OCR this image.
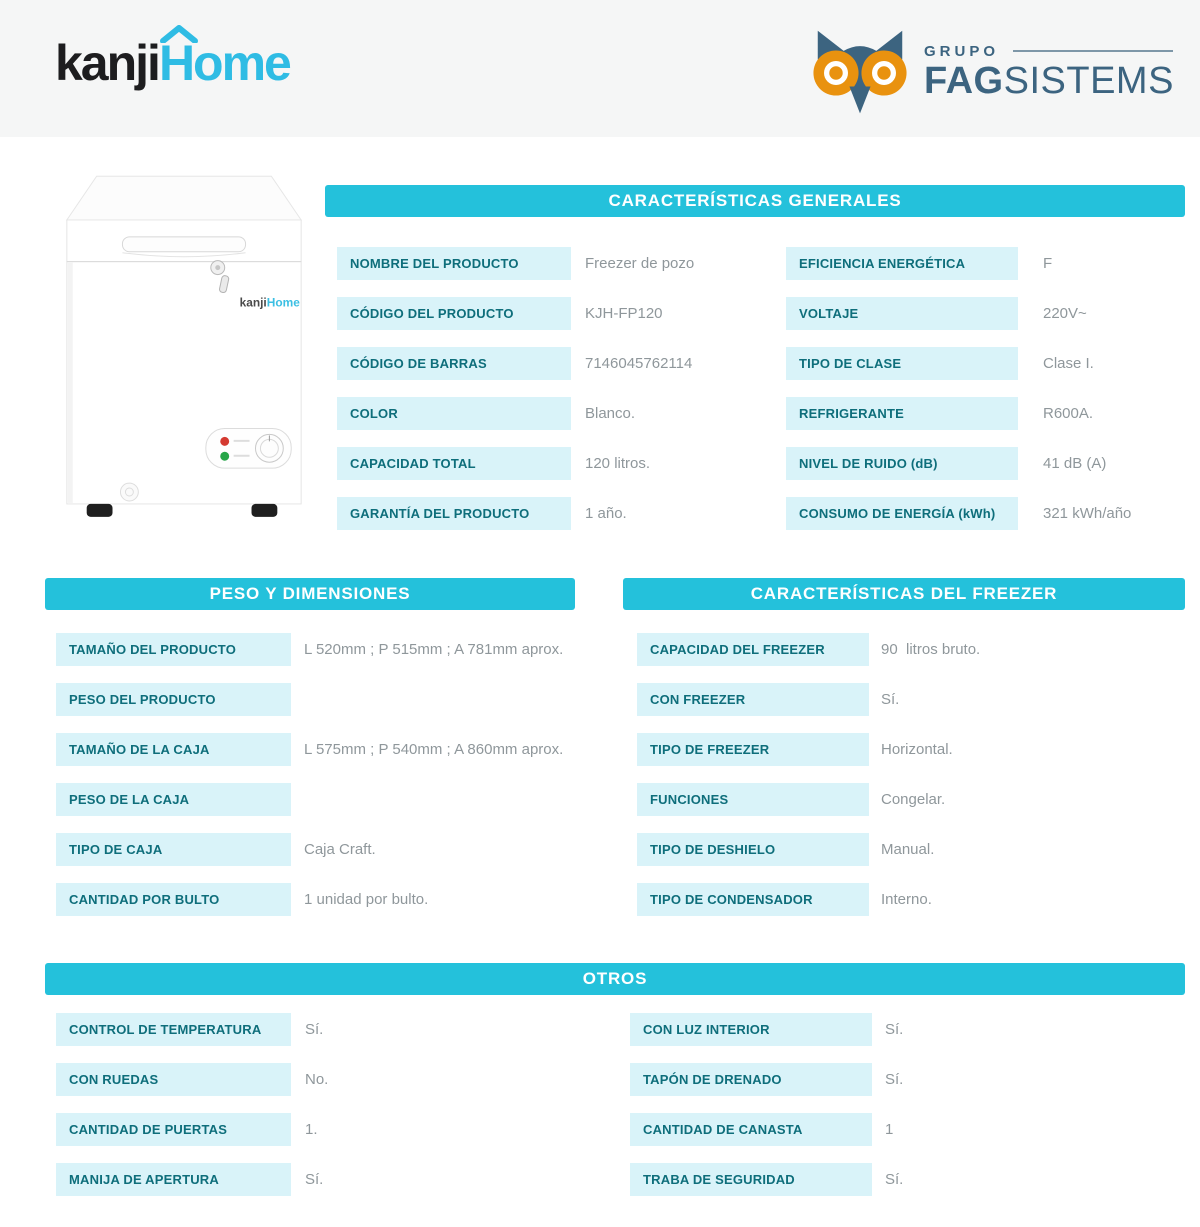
kanji
Home	GRUPO
FAGSISTEMS
kanjiHome
CARACTERÍSTICAS GENERALES
NOMBRE DEL PRODUCTO	Freezer de pozo	EFICIENCIA ENERGÉTICA	F
CÓDIGO DEL PRODUCTO	KJH-FP120	VOLTAJE	220V~
CÓDIGO DE BARRAS	7146045762114	TIPO DE CLASE	Clase I.
COLOR	Blanco.	REFRIGERANTE	R600A.
CAPACIDAD TOTAL	120 litros.	NIVEL DE RUIDO (dB)	41 dB (A)
GARANTÍA DEL PRODUCTO	1 año.	CONSUMO DE ENERGÍA (kWh)	321 kWh/año
PESO Y DIMENSIONES
TAMAÑO DEL PRODUCTO	L 520mm ; P 515mm ; A 781mm aprox.
PESO DEL PRODUCTO
TAMAÑO DE LA CAJA	L 575mm ; P 540mm ; A 860mm aprox.
PESO DE LA CAJA
TIPO DE CAJA	Caja Craft.
CANTIDAD POR BULTO	1 unidad por bulto.
CARACTERÍSTICAS DEL FREEZER
CAPACIDAD DEL FREEZER	90  litros bruto.
CON FREEZER	Sí.
TIPO DE FREEZER	Horizontal.
FUNCIONES	Congelar.
TIPO DE DESHIELO	Manual.
TIPO DE CONDENSADOR	Interno.
OTROS
CONTROL DE TEMPERATURA	Sí.	CON LUZ INTERIOR	Sí.
CON RUEDAS	No.	TAPÓN DE DRENADO	Sí.
CANTIDAD DE PUERTAS	1.	CANTIDAD DE CANASTA	1
MANIJA DE APERTURA	Sí.	TRABA DE SEGURIDAD	Sí.
